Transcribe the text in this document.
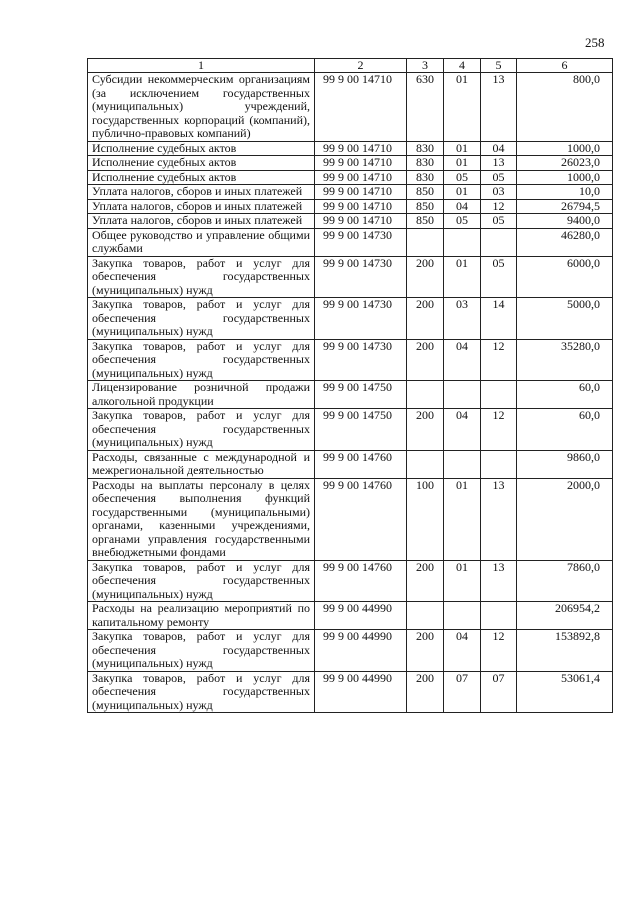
258
1	2	3	4	5	6
Субсидии некоммерческим организациям (за исключением государственных (муниципальных) учреждений, государственных корпораций (компаний), публично-правовых компаний)	99 9 00 14710	630	01	13	800,0
Исполнение судебных актов	99 9 00 14710	830	01	04	1000,0
Исполнение судебных актов	99 9 00 14710	830	01	13	26023,0
Исполнение судебных актов	99 9 00 14710	830	05	05	1000,0
Уплата налогов, сборов и иных платежей	99 9 00 14710	850	01	03	10,0
Уплата налогов, сборов и иных платежей	99 9 00 14710	850	04	12	26794,5
Уплата налогов, сборов и иных платежей	99 9 00 14710	850	05	05	9400,0
Общее руководство и управление общими службами	99 9 00 14730				46280,0
Закупка товаров, работ и услуг для обеспечения государственных (муниципальных) нужд	99 9 00 14730	200	01	05	6000,0
Закупка товаров, работ и услуг для обеспечения государственных (муниципальных) нужд	99 9 00 14730	200	03	14	5000,0
Закупка товаров, работ и услуг для обеспечения государственных (муниципальных) нужд	99 9 00 14730	200	04	12	35280,0
Лицензирование розничной продажи алкогольной продукции	99 9 00 14750				60,0
Закупка товаров, работ и услуг для обеспечения государственных (муниципальных) нужд	99 9 00 14750	200	04	12	60,0
Расходы, связанные с международной и межрегиональной деятельностью	99 9 00 14760				9860,0
Расходы на выплаты персоналу в целях обеспечения выполнения функций государственными (муниципальными) органами, казенными учреждениями, органами управления государственными внебюджетными фондами	99 9 00 14760	100	01	13	2000,0
Закупка товаров, работ и услуг для обеспечения государственных (муниципальных) нужд	99 9 00 14760	200	01	13	7860,0
Расходы на реализацию мероприятий по капитальному ремонту	99 9 00 44990				206954,2
Закупка товаров, работ и услуг для обеспечения государственных (муниципальных) нужд	99 9 00 44990	200	04	12	153892,8
Закупка товаров, работ и услуг для обеспечения государственных (муниципальных) нужд	99 9 00 44990	200	07	07	53061,4
